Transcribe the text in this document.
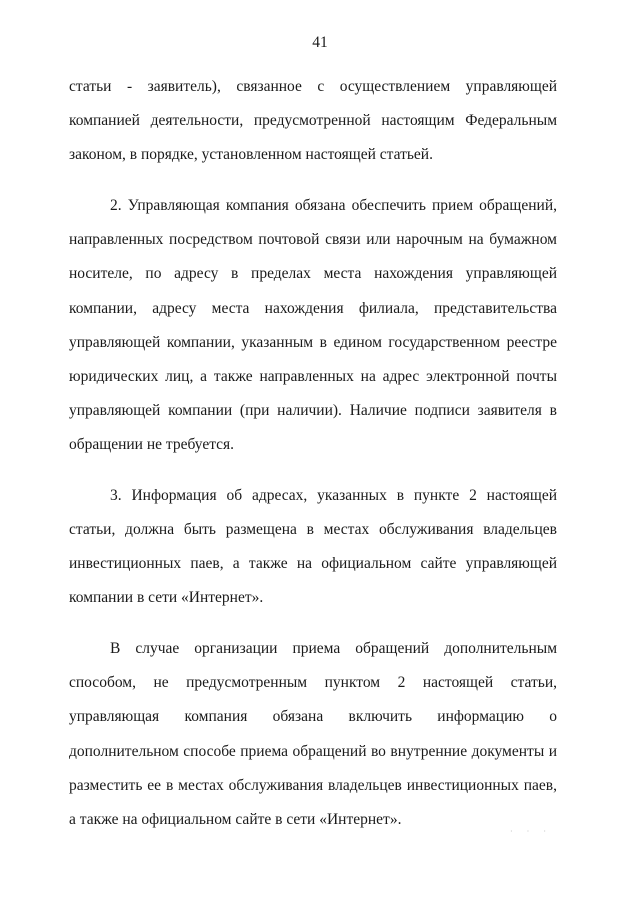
41

статьи - заявитель), связанное с осуществлением управляющей компанией деятельности, предусмотренной настоящим Федеральным законом, в порядке, установленном настоящей статьей.

2. Управляющая компания обязана обеспечить прием обращений, направленных посредством почтовой связи или нарочным на бумажном носителе, по адресу в пределах места нахождения управляющей компании, адресу места нахождения филиала, представительства управляющей компании, указанным в едином государственном реестре юридических лиц, а также направленных на адрес электронной почты управляющей компании (при наличии). Наличие подписи заявителя в обращении не требуется.

3. Информация об адресах, указанных в пункте 2 настоящей статьи, должна быть размещена в местах обслуживания владельцев инвестиционных паев, а также на официальном сайте управляющей компании в сети «Интернет».

В случае организации приема обращений дополнительным способом, не предусмотренным пунктом 2 настоящей статьи, управляющая компания обязана включить информацию о дополнительном способе приема обращений во внутренние документы и разместить ее в местах обслуживания владельцев инвестиционных паев, а также на официальном сайте в сети «Интернет».

· · ·
